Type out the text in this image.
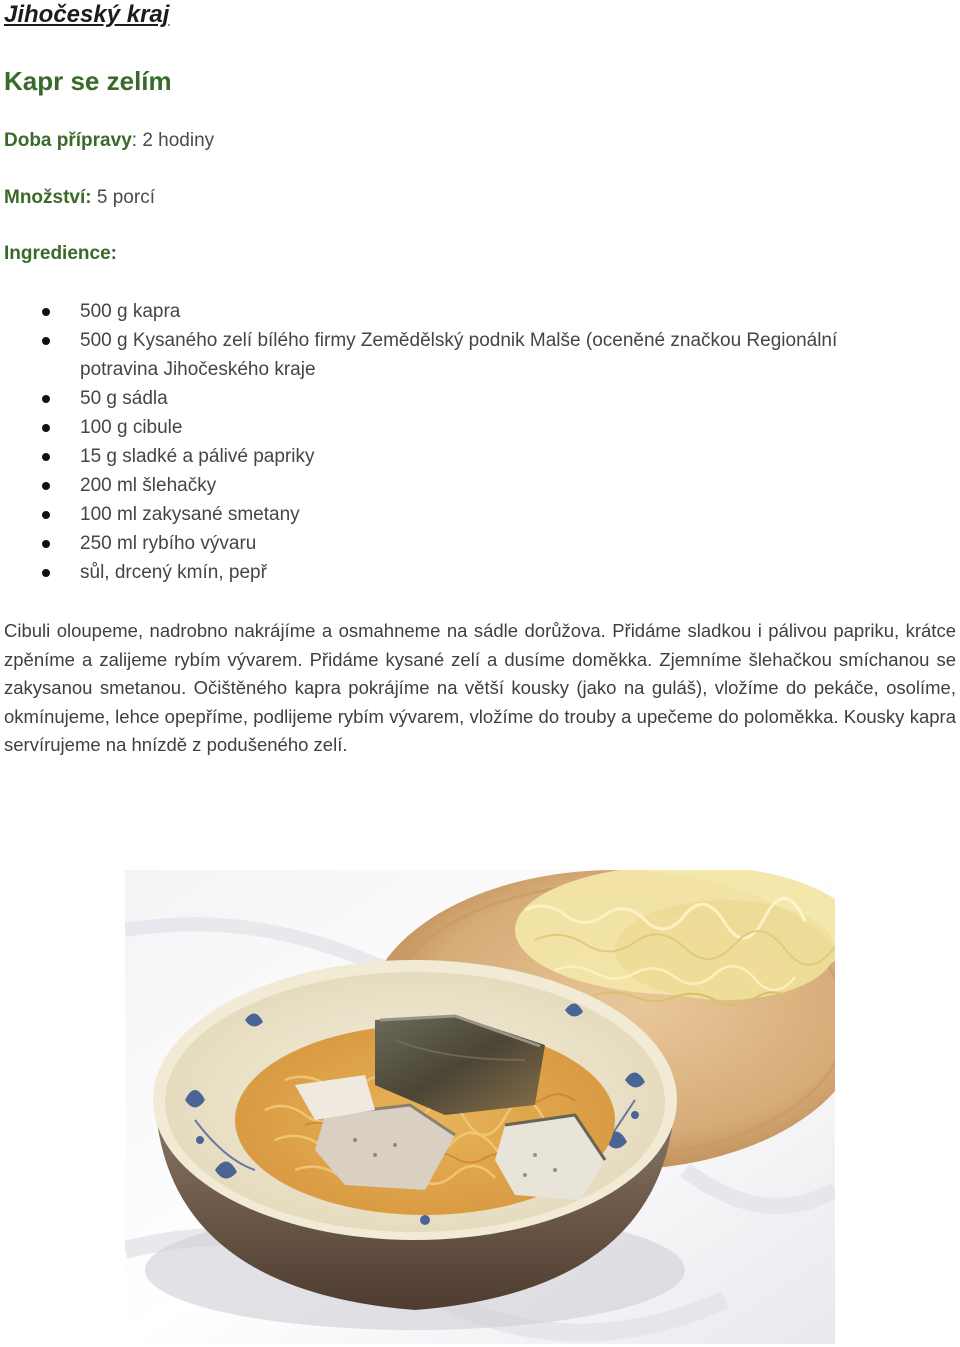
Jihočeský kraj
Kapr se zelím

Doba přípravy: 2 hodiny

Množství: 5 porcí

Ingredience:

500 g kapra
500 g Kysaného zelí bílého firmy Zemědělský podnik Malše (oceněné značkou Regionální potravina Jihočeského kraje
50 g sádla
100 g cibule
15 g sladké a pálivé papriky
200 ml šlehačky
100 ml zakysané smetany
250 ml rybího vývaru
sůl, drcený kmín, pepř

Cibuli oloupeme, nadrobno nakrájíme a osmahneme na sádle dorůžova. Přidáme sladkou i pálivou papriku, krátce zpěníme a zalijeme rybím vývarem. Přidáme kysané zelí a dusíme doměkka. Zjemníme šlehačkou smíchanou se zakysanou smetanou. Očištěného kapra pokrájíme na větší kousky (jako na guláš), vložíme do pekáče, osolíme, okmínujeme, lehce opepříme, podlijeme rybím vývarem, vložíme do trouby a upečeme do poloměkka. Kousky kapra servírujeme na hnízdě z podušeného zelí.
